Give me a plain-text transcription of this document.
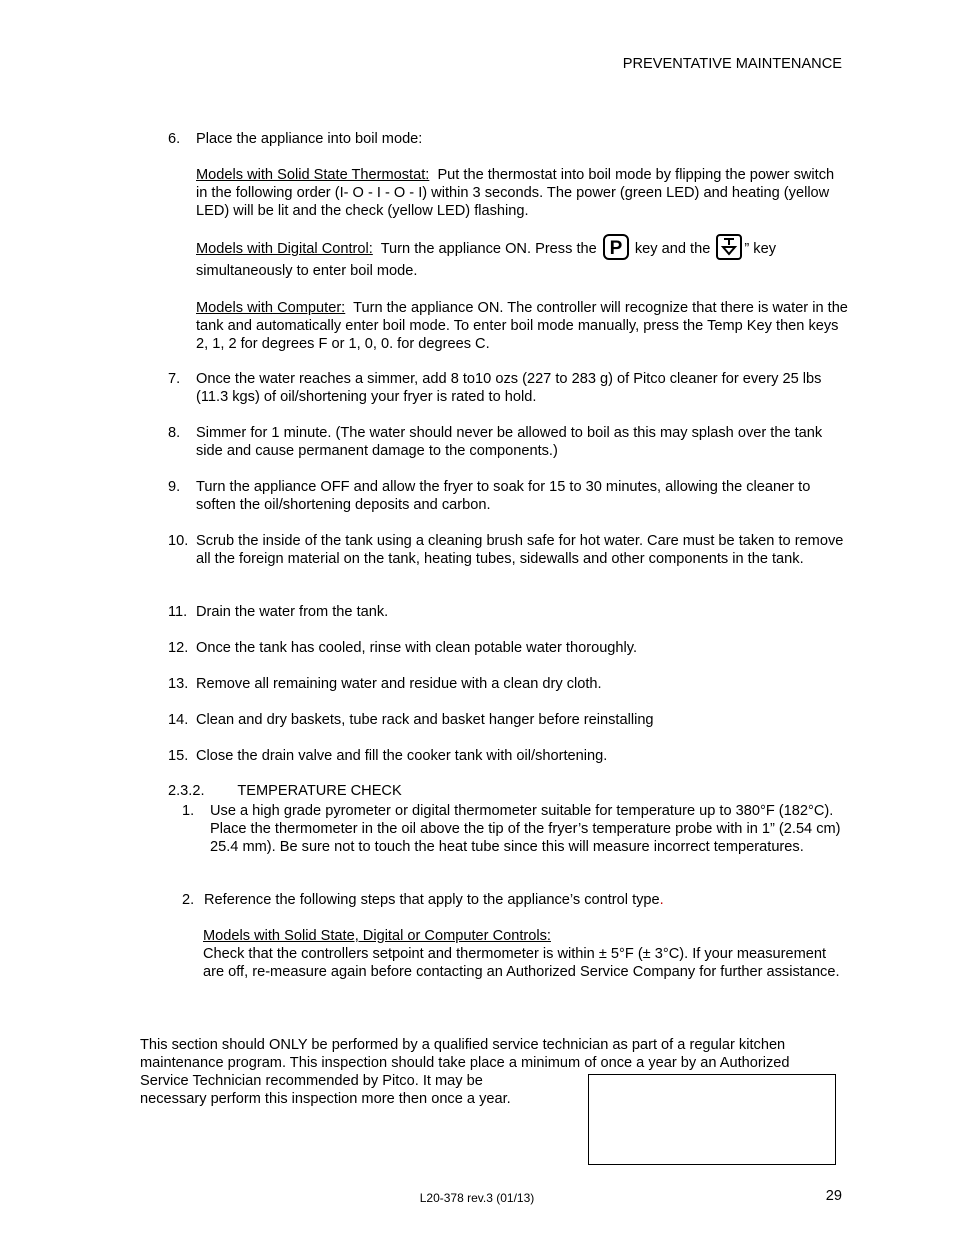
PREVENTATIVE MAINTENANCE
6. Place the appliance into boil mode:
Models with Solid State Thermostat: Put the thermostat into boil mode by flipping the power switch in the following order (I- O - I - O - I) within 3 seconds. The power (green LED) and heating (yellow LED) will be lit and the check (yellow LED) flashing.
Models with Digital Control: Turn the appliance ON. Press the P key and the ” key simultaneously to enter boil mode.
Models with Computer: Turn the appliance ON. The controller will recognize that there is water in the tank and automatically enter boil mode. To enter boil mode manually, press the Temp Key then keys 2, 1, 2 for degrees F or 1, 0, 0. for degrees C.
7. Once the water reaches a simmer, add 8 to10 ozs (227 to 283 g) of Pitco cleaner for every 25 lbs (11.3 kgs) of oil/shortening your fryer is rated to hold.
8. Simmer for 1 minute. (The water should never be allowed to boil as this may splash over the tank side and cause permanent damage to the components.)
9. Turn the appliance OFF and allow the fryer to soak for 15 to 30 minutes, allowing the cleaner to soften the oil/shortening deposits and carbon.
10. Scrub the inside of the tank using a cleaning brush safe for hot water. Care must be taken to remove all the foreign material on the tank, heating tubes, sidewalls and other components in the tank.
11. Drain the water from the tank.
12. Once the tank has cooled, rinse with clean potable water thoroughly.
13. Remove all remaining water and residue with a clean dry cloth.
14. Clean and dry baskets, tube rack and basket hanger before reinstalling
15. Close the drain valve and fill the cooker tank with oil/shortening.
2.3.2. TEMPERATURE CHECK
1. Use a high grade pyrometer or digital thermometer suitable for temperature up to 380°F (182°C). Place the thermometer in the oil above the tip of the fryer’s temperature probe with in 1” (2.54 cm) 25.4 mm). Be sure not to touch the heat tube since this will measure incorrect temperatures.
2. Reference the following steps that apply to the appliance’s control type.
Models with Solid State, Digital or Computer Controls:
Check that the controllers setpoint and thermometer is within ± 5°F (± 3°C). If your measurement are off, re-measure again before contacting an Authorized Service Company for further assistance.
This section should ONLY be performed by a qualified service technician as part of a regular kitchen
maintenance program. This inspection should take place a minimum of once a year by an Authorized
Service Technician recommended by Pitco. It may be
necessary perform this inspection more then once a year.
L20-378 rev.3 (01/13)	29
